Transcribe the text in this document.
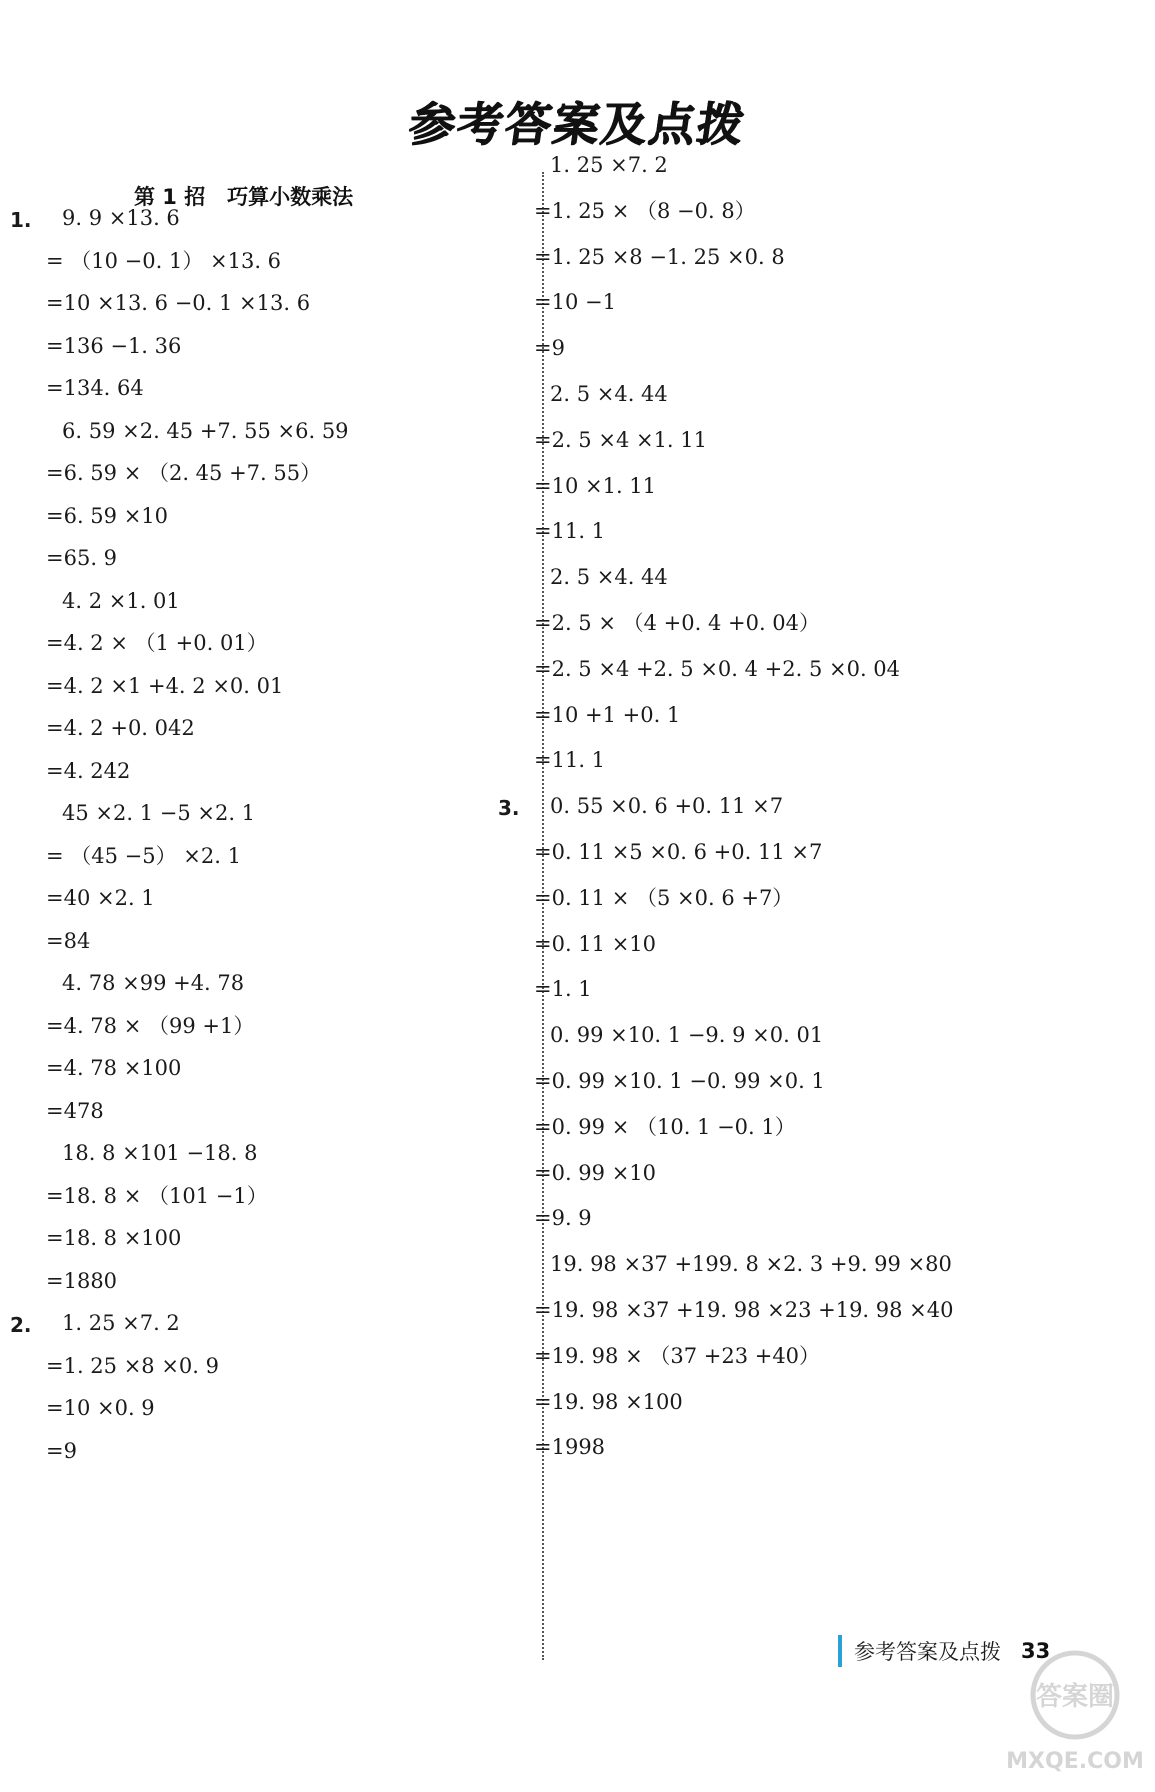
参考答案及点拨
第 1 招   巧算小数乘法
1. 9. 9 ×13. 6
= （10 −0. 1） ×13. 6
=10 ×13. 6 −0. 1 ×13. 6
=136 −1. 36
=134. 64
6. 59 ×2. 45 +7. 55 ×6. 59
=6. 59 × （2. 45 +7. 55）
=6. 59 ×10
=65. 9
4. 2 ×1. 01
=4. 2 × （1 +0. 01）
=4. 2 ×1 +4. 2 ×0. 01
=4. 2 +0. 042
=4. 242
45 ×2. 1 −5 ×2. 1
= （45 −5） ×2. 1
=40 ×2. 1
=84
4. 78 ×99 +4. 78
=4. 78 × （99 +1）
=4. 78 ×100
=478
18. 8 ×101 −18. 8
=18. 8 × （101 −1）
=18. 8 ×100
=1880
2. 1. 25 ×7. 2
=1. 25 ×8 ×0. 9
=10 ×0. 9
=9
1. 25 ×7. 2
=1. 25 × （8 −0. 8）
=1. 25 ×8 −1. 25 ×0. 8
=10 −1
=9
2. 5 ×4. 44
=2. 5 ×4 ×1. 11
=10 ×1. 11
=11. 1
2. 5 ×4. 44
=2. 5 × （4 +0. 4 +0. 04）
=2. 5 ×4 +2. 5 ×0. 4 +2. 5 ×0. 04
=10 +1 +0. 1
=11. 1
3. 0. 55 ×0. 6 +0. 11 ×7
=0. 11 ×5 ×0. 6 +0. 11 ×7
=0. 11 × （5 ×0. 6 +7）
=0. 11 ×10
=1. 1
0. 99 ×10. 1 −9. 9 ×0. 01
=0. 99 ×10. 1 −0. 99 ×0. 1
=0. 99 × （10. 1 −0. 1）
=0. 99 ×10
=9. 9
19. 98 ×37 +199. 8 ×2. 3 +9. 99 ×80
=19. 98 ×37 +19. 98 ×23 +19. 98 ×40
=19. 98 × （37 +23 +40）
=19. 98 ×100
=1998
参考答案及点拨 33
答案圈
MXQE.COM
